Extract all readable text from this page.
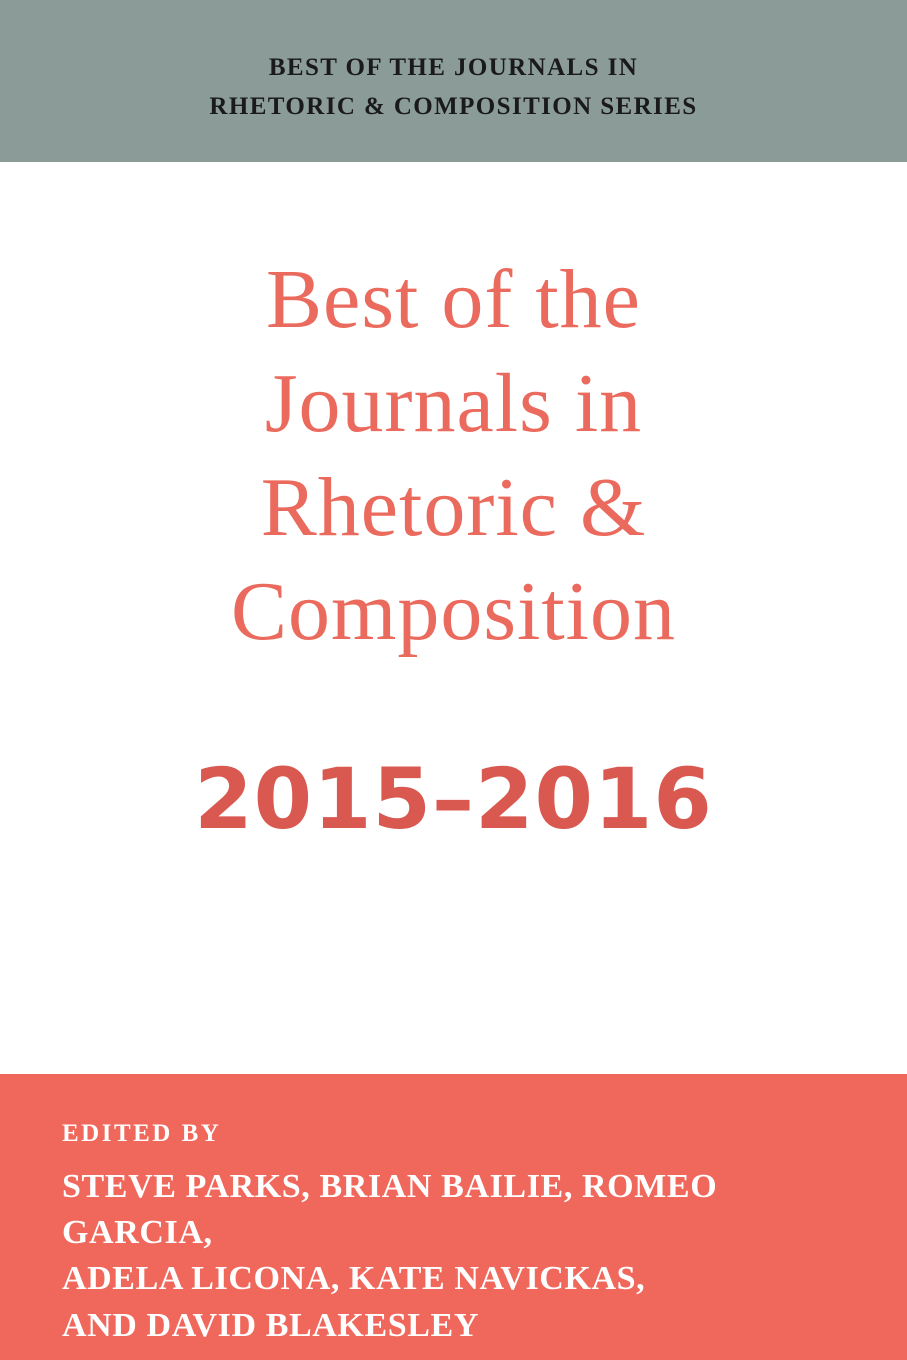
BEST OF THE JOURNALS IN
RHETORIC & COMPOSITION SERIES
Best of the
Journals in
Rhetoric &
Composition
2015–2016
EDITED BY
STEVE PARKS, BRIAN BAILIE, ROMEO GARCIA,
ADELA LICONA, KATE NAVICKAS,
AND DAVID BLAKESLEY
